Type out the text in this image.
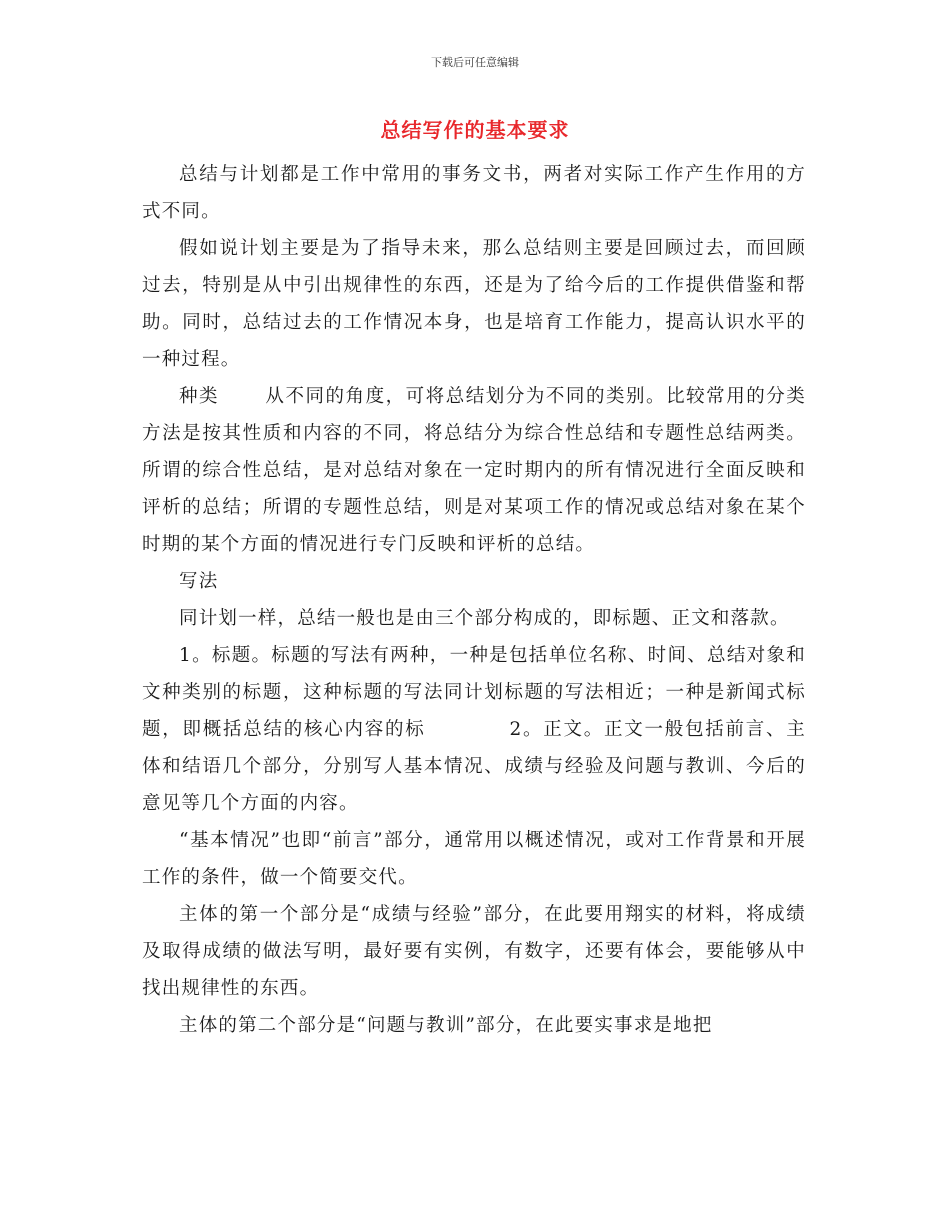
下载后可任意编辑
总结写作的基本要求

总结与计划都是工作中常用的事务文书，两者对实际工作产生作用的方式不同。

假如说计划主要是为了指导未来，那么总结则主要是回顾过去，而回顾过去，特别是从中引出规律性的东西，还是为了给今后的工作提供借鉴和帮助。同时，总结过去的工作情况本身，也是培育工作能力，提高认识水平的一种过程。

种类 从不同的角度，可将总结划分为不同的类别。比较常用的分类方法是按其性质和内容的不同，将总结分为综合性总结和专题性总结两类。所谓的综合性总结，是对总结对象在一定时期内的所有情况进行全面反映和评析的总结；所谓的专题性总结，则是对某项工作的情况或总结对象在某个时期的某个方面的情况进行专门反映和评析的总结。

写法

同计划一样，总结一般也是由三个部分构成的，即标题、正文和落款。

1。标题。标题的写法有两种，一种是包括单位名称、时间、总结对象和文种类别的标题，这种标题的写法同计划标题的写法相近；一种是新闻式标题，即概括总结的核心内容的标	2。正文。正文一般包括前言、主体和结语几个部分，分别写人基本情况、成绩与经验及问题与教训、今后的意见等几个方面的内容。

“基本情况”也即“前言”部分，通常用以概述情况，或对工作背景和开展工作的条件，做一个简要交代。

主体的第一个部分是“成绩与经验”部分，在此要用翔实的材料，将成绩及取得成绩的做法写明，最好要有实例，有数字，还要有体会，要能够从中找出规律性的东西。

主体的第二个部分是“问题与教训”部分，在此要实事求是地把
